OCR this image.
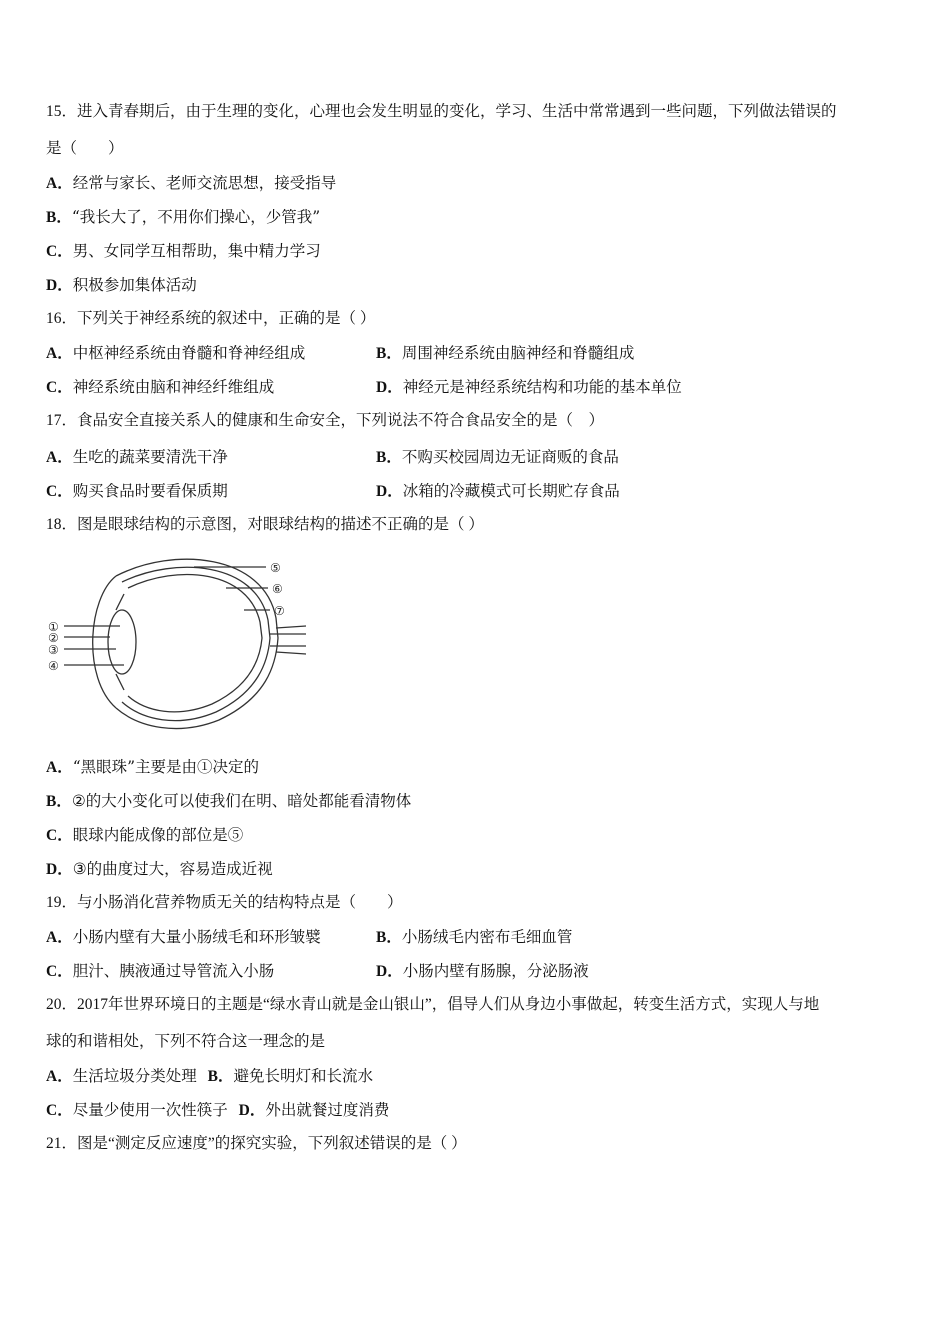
15．进入青春期后，由于生理的变化，心理也会发生明显的变化，学习、生活中常常遇到一些问题，下列做法错误的
是（　　）
A．经常与家长、老师交流思想，接受指导
B．“我长大了，不用你们操心，少管我”
C．男、女同学互相帮助，集中精力学习
D．积极参加集体活动
16．下列关于神经系统的叙述中，正确的是（ ）
A．中枢神经系统由脊髓和脊神经组成	B．周围神经系统由脑神经和脊髓组成
C．神经系统由脑和神经纤维组成	D．神经元是神经系统结构和功能的基本单位
17．食品安全直接关系人的健康和生命安全，下列说法不符合食品安全的是（　）
A．生吃的蔬菜要清洗干净	B．不购买校园周边无证商贩的食品
C．购买食品时要看保质期	D．冰箱的冷藏模式可长期贮存食品
18．图是眼球结构的示意图，对眼球结构的描述不正确的是（ ）
①
②
③
④
⑤
⑥
⑦
A．“黑眼珠”主要是由①决定的
B．②的大小变化可以使我们在明、暗处都能看清物体
C．眼球内能成像的部位是⑤
D．③的曲度过大，容易造成近视
19．与小肠消化营养物质无关的结构特点是（　　）
A．小肠内壁有大量小肠绒毛和环形皱襞	B．小肠绒毛内密布毛细血管
C．胆汁、胰液通过导管流入小肠	D．小肠内壁有肠腺，分泌肠液
20．2017年世界环境日的主题是“绿水青山就是金山银山”，倡导人们从身边小事做起，转变生活方式，实现人与地
球的和谐相处，下列不符合这一理念的是
A．生活垃圾分类处理 B．避免长明灯和长流水
C．尽量少使用一次性筷子 D．外出就餐过度消费
21．图是“测定反应速度”的探究实验，下列叙述错误的是（ ）
